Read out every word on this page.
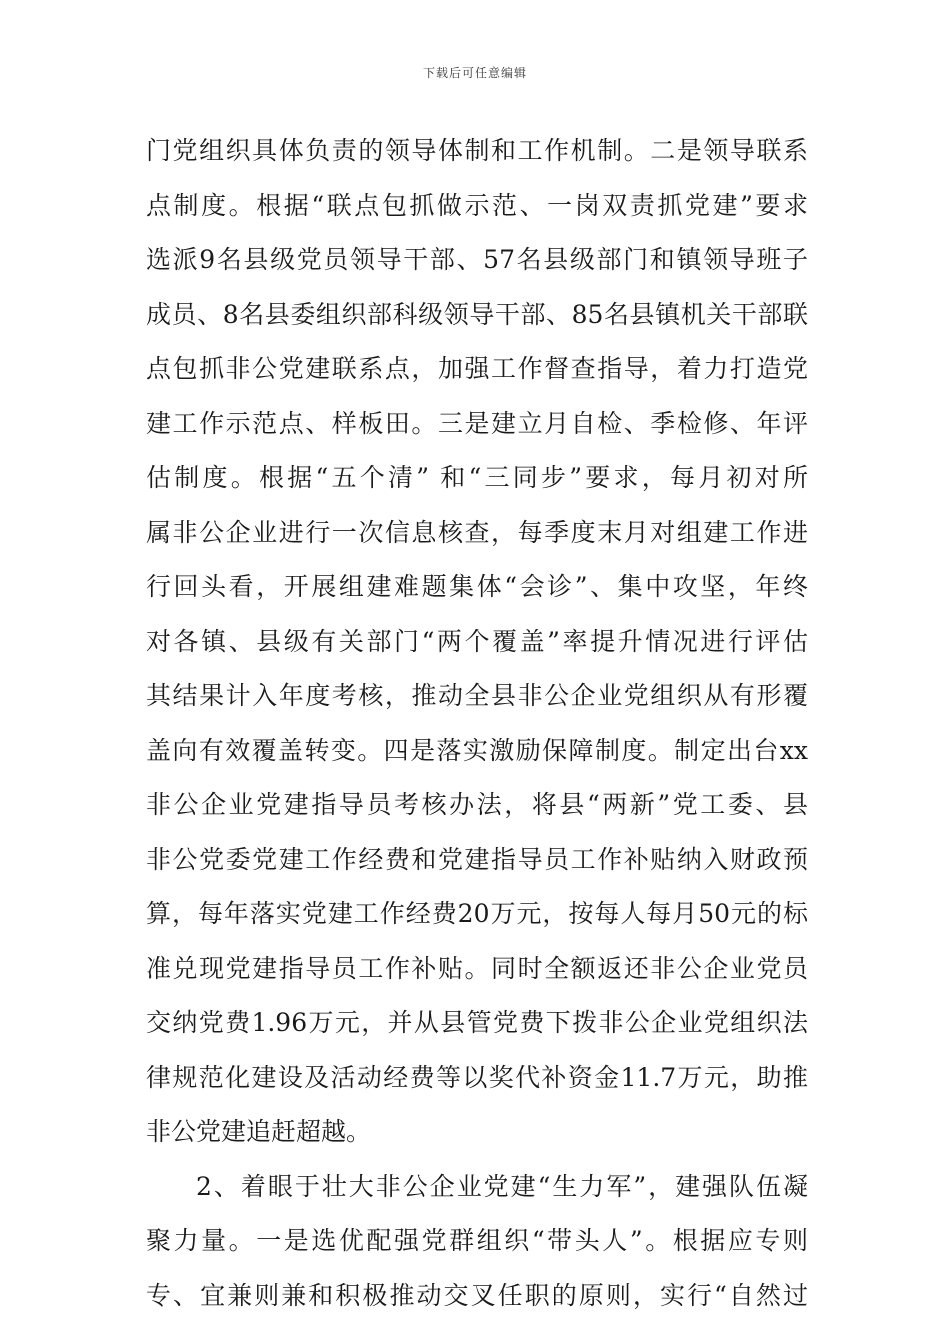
下载后可任意编辑
门党组织具体负责的领导体制和工作机制。二是领导联系
点制度。根据“联点包抓做示范、一岗双责抓党建”要求
选派9名县级党员领导干部、57名县级部门和镇领导班子
成员、8名县委组织部科级领导干部、85名县镇机关干部联
点包抓非公党建联系点，加强工作督查指导，着力打造党
建工作示范点、样板田。三是建立月自检、季检修、年评
估制度。根据“五个清” 和“三同步”要求，每月初对所
属非公企业进行一次信息核查，每季度末月对组建工作进
行回头看，开展组建难题集体“会诊”、集中攻坚，年终
对各镇、县级有关部门“两个覆盖”率提升情况进行评估
其结果计入年度考核，推动全县非公企业党组织从有形覆
盖向有效覆盖转变。四是落实激励保障制度。制定出台xx
非公企业党建指导员考核办法，将县“两新”党工委、县
非公党委党建工作经费和党建指导员工作补贴纳入财政预
算，每年落实党建工作经费20万元，按每人每月50元的标
准兑现党建指导员工作补贴。同时全额返还非公企业党员
交纳党费1.96万元，并从县管党费下拨非公企业党组织法
律规范化建设及活动经费等以奖代补资金11.7万元，助推
非公党建追赶超越。
2、着眼于壮大非公企业党建“生力军”，建强队伍凝
聚力量。一是选优配强党群组织“带头人”。根据应专则
专、宜兼则兼和积极推动交叉任职的原则，实行“自然过
